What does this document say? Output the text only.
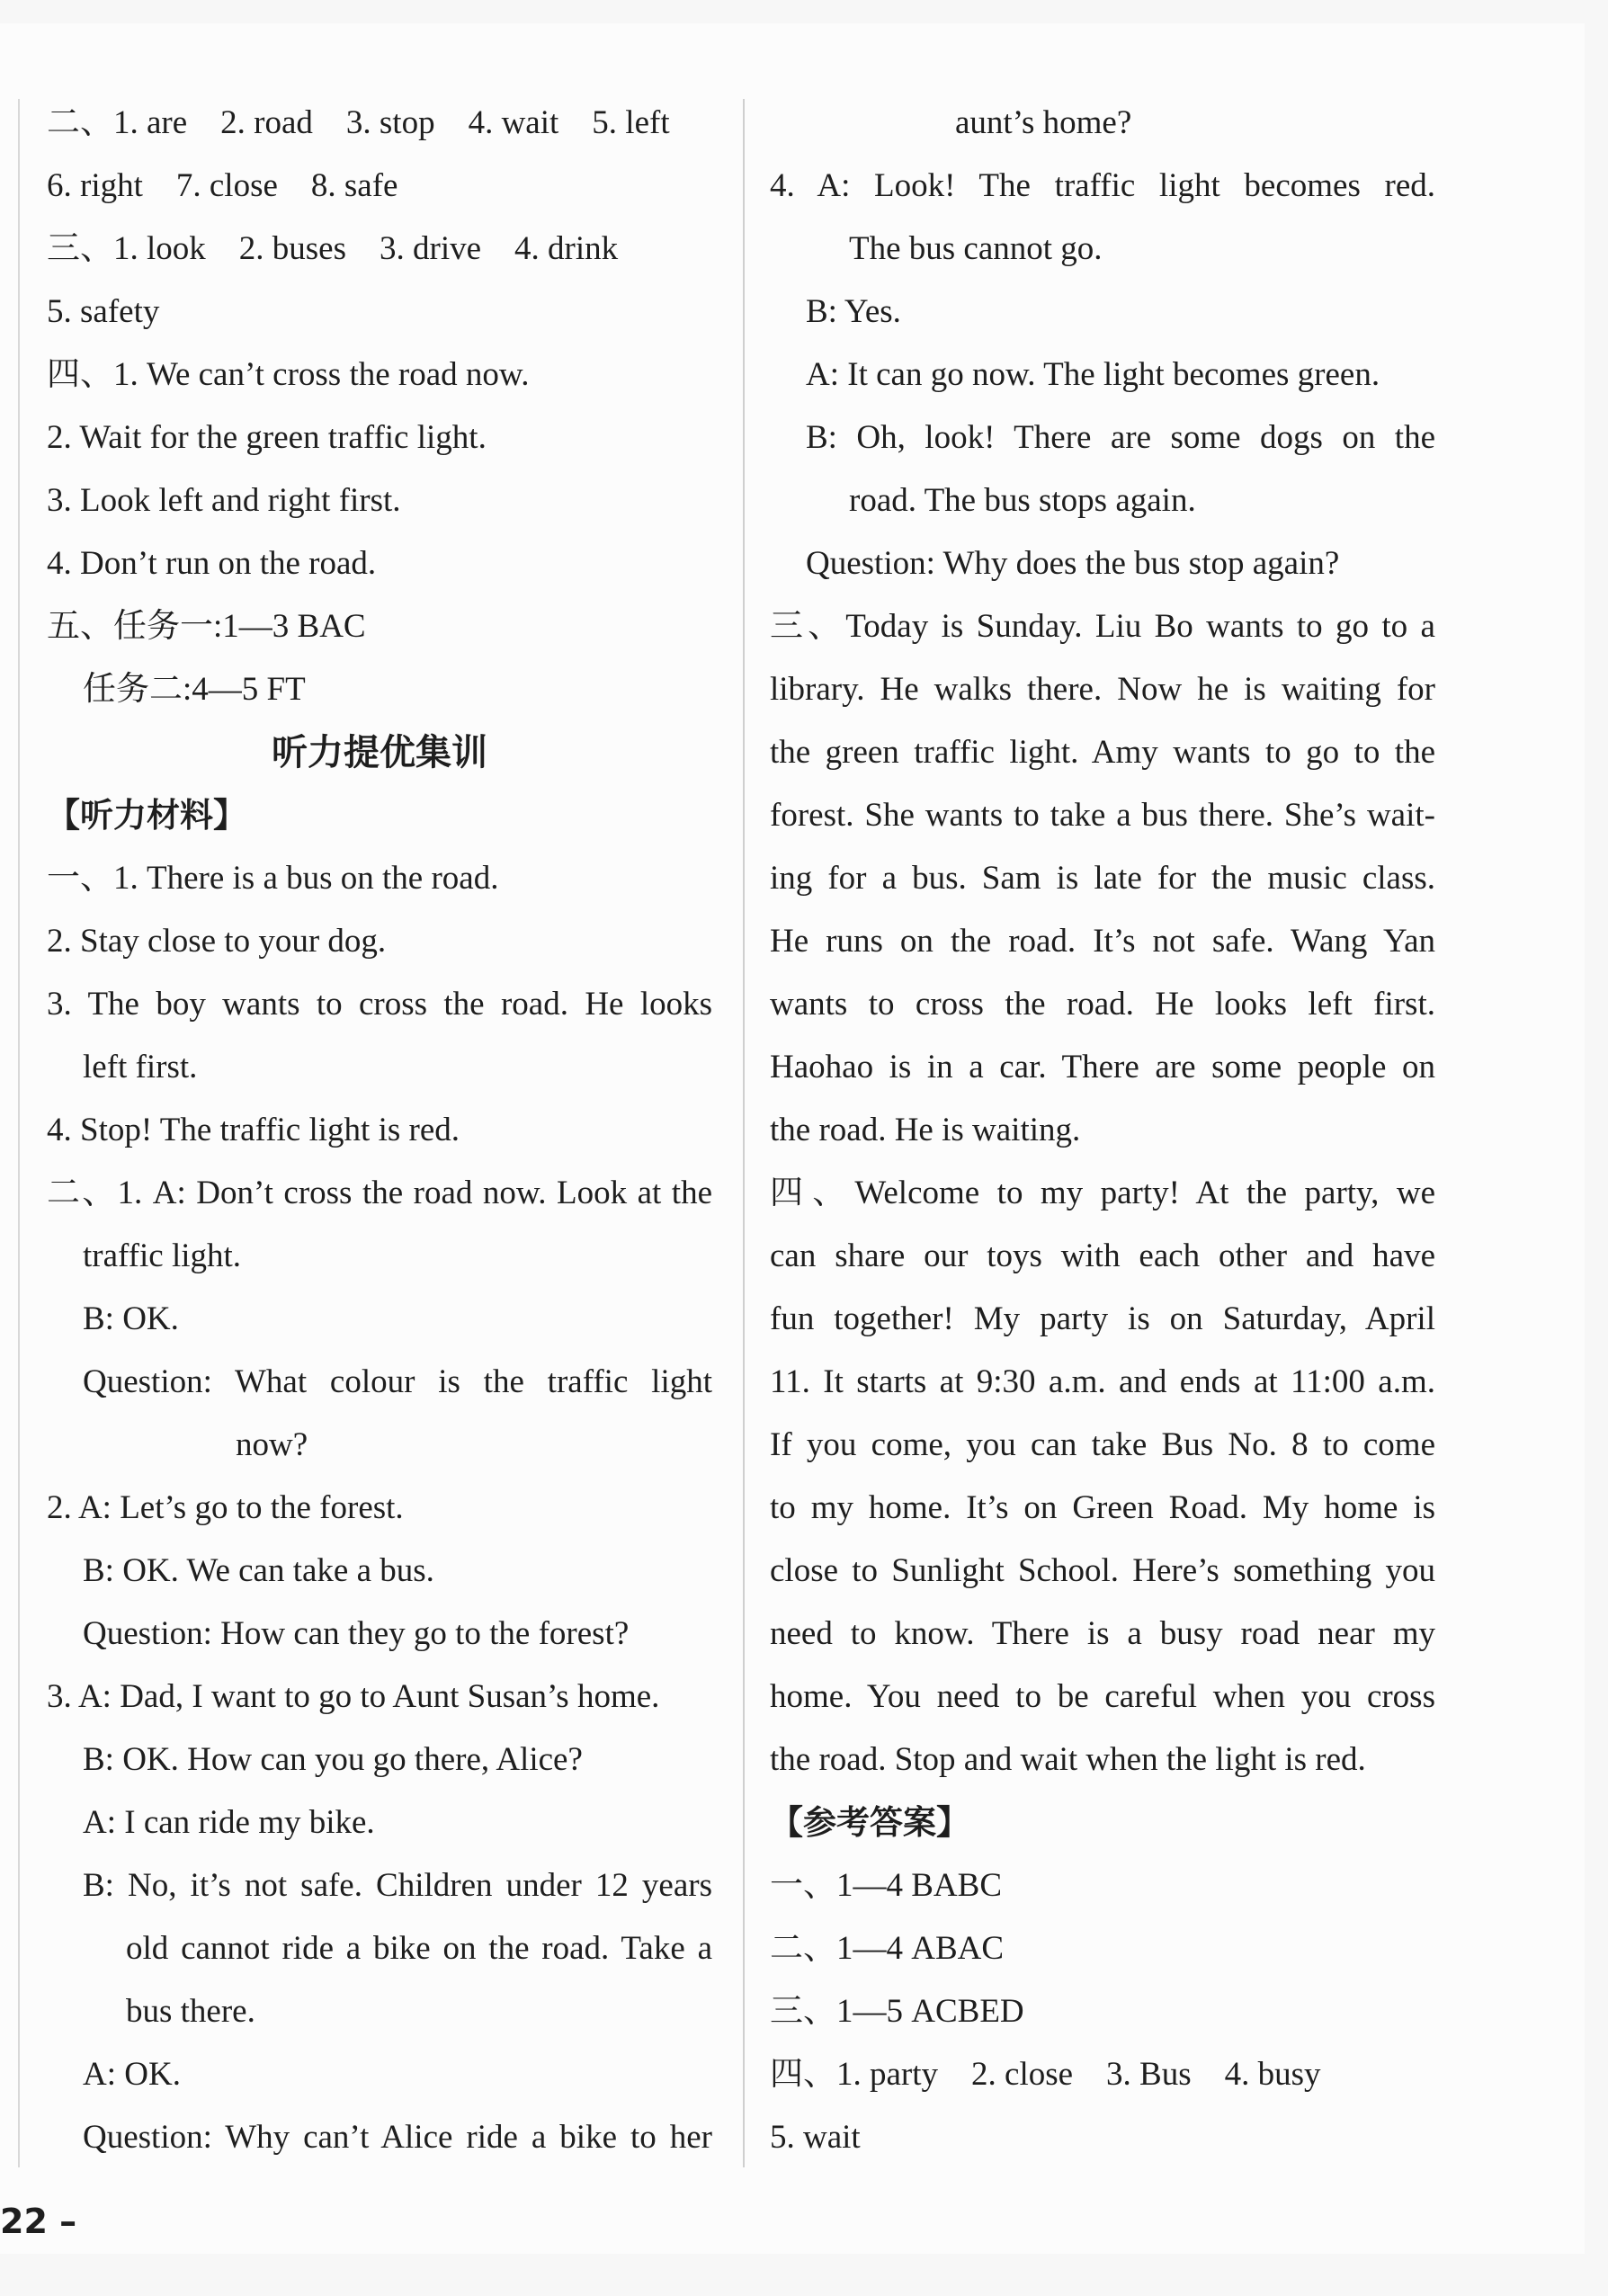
二、1. are    2. road    3. stop    4. wait    5. left
6. right    7. close    8. safe
三、1. look    2. buses    3. drive    4. drink
5. safety
四、1. We can’t cross the road now.
2. Wait for the green traffic light.
3. Look left and right first.
4. Don’t run on the road.
五、任务一:1—3 BAC
任务二:4—5 FT
听力提优集训
【听力材料】
一、1. There is a bus on the road.
2. Stay close to your dog.
3. The boy wants to cross the road. He looks
left first.
4. Stop! The traffic light is red.
二、1. A: Don’t cross the road now. Look at the
traffic light.
B: OK.
Question: What colour is the traffic light
now?
2. A: Let’s go to the forest.
B: OK. We can take a bus.
Question: How can they go to the forest?
3. A: Dad, I want to go to Aunt Susan’s home.
B: OK. How can you go there, Alice?
A: I can ride my bike.
B: No, it’s not safe. Children under 12 years
old cannot ride a bike on the road. Take a
bus there.
A: OK.
Question: Why can’t Alice ride a bike to her
aunt’s home?
4. A: Look! The traffic light becomes red.
The bus cannot go.
B: Yes.
A: It can go now. The light becomes green.
B: Oh, look! There are some dogs on the
road. The bus stops again.
Question: Why does the bus stop again?
三、Today is Sunday. Liu Bo wants to go to a
library. He walks there. Now he is waiting for
the green traffic light. Amy wants to go to the
forest. She wants to take a bus there. She’s wait-
ing for a bus. Sam is late for the music class.
He runs on the road. It’s not safe. Wang Yan
wants to cross the road. He looks left first.
Haohao is in a car. There are some people on
the road. He is waiting.
四、Welcome to my party! At the party, we
can share our toys with each other and have
fun together! My party is on Saturday, April
11. It starts at 9:30 a.m. and ends at 11:00 a.m.
If you come, you can take Bus No. 8 to come
to my home. It’s on Green Road. My home is
close to Sunlight School. Here’s something you
need to know. There is a busy road near my
home. You need to be careful when you cross
the road. Stop and wait when the light is red.
【参考答案】
一、1—4 BABC
二、1—4 ABAC
三、1—5 ACBED
四、1. party    2. close    3. Bus    4. busy
5. wait
22 –
